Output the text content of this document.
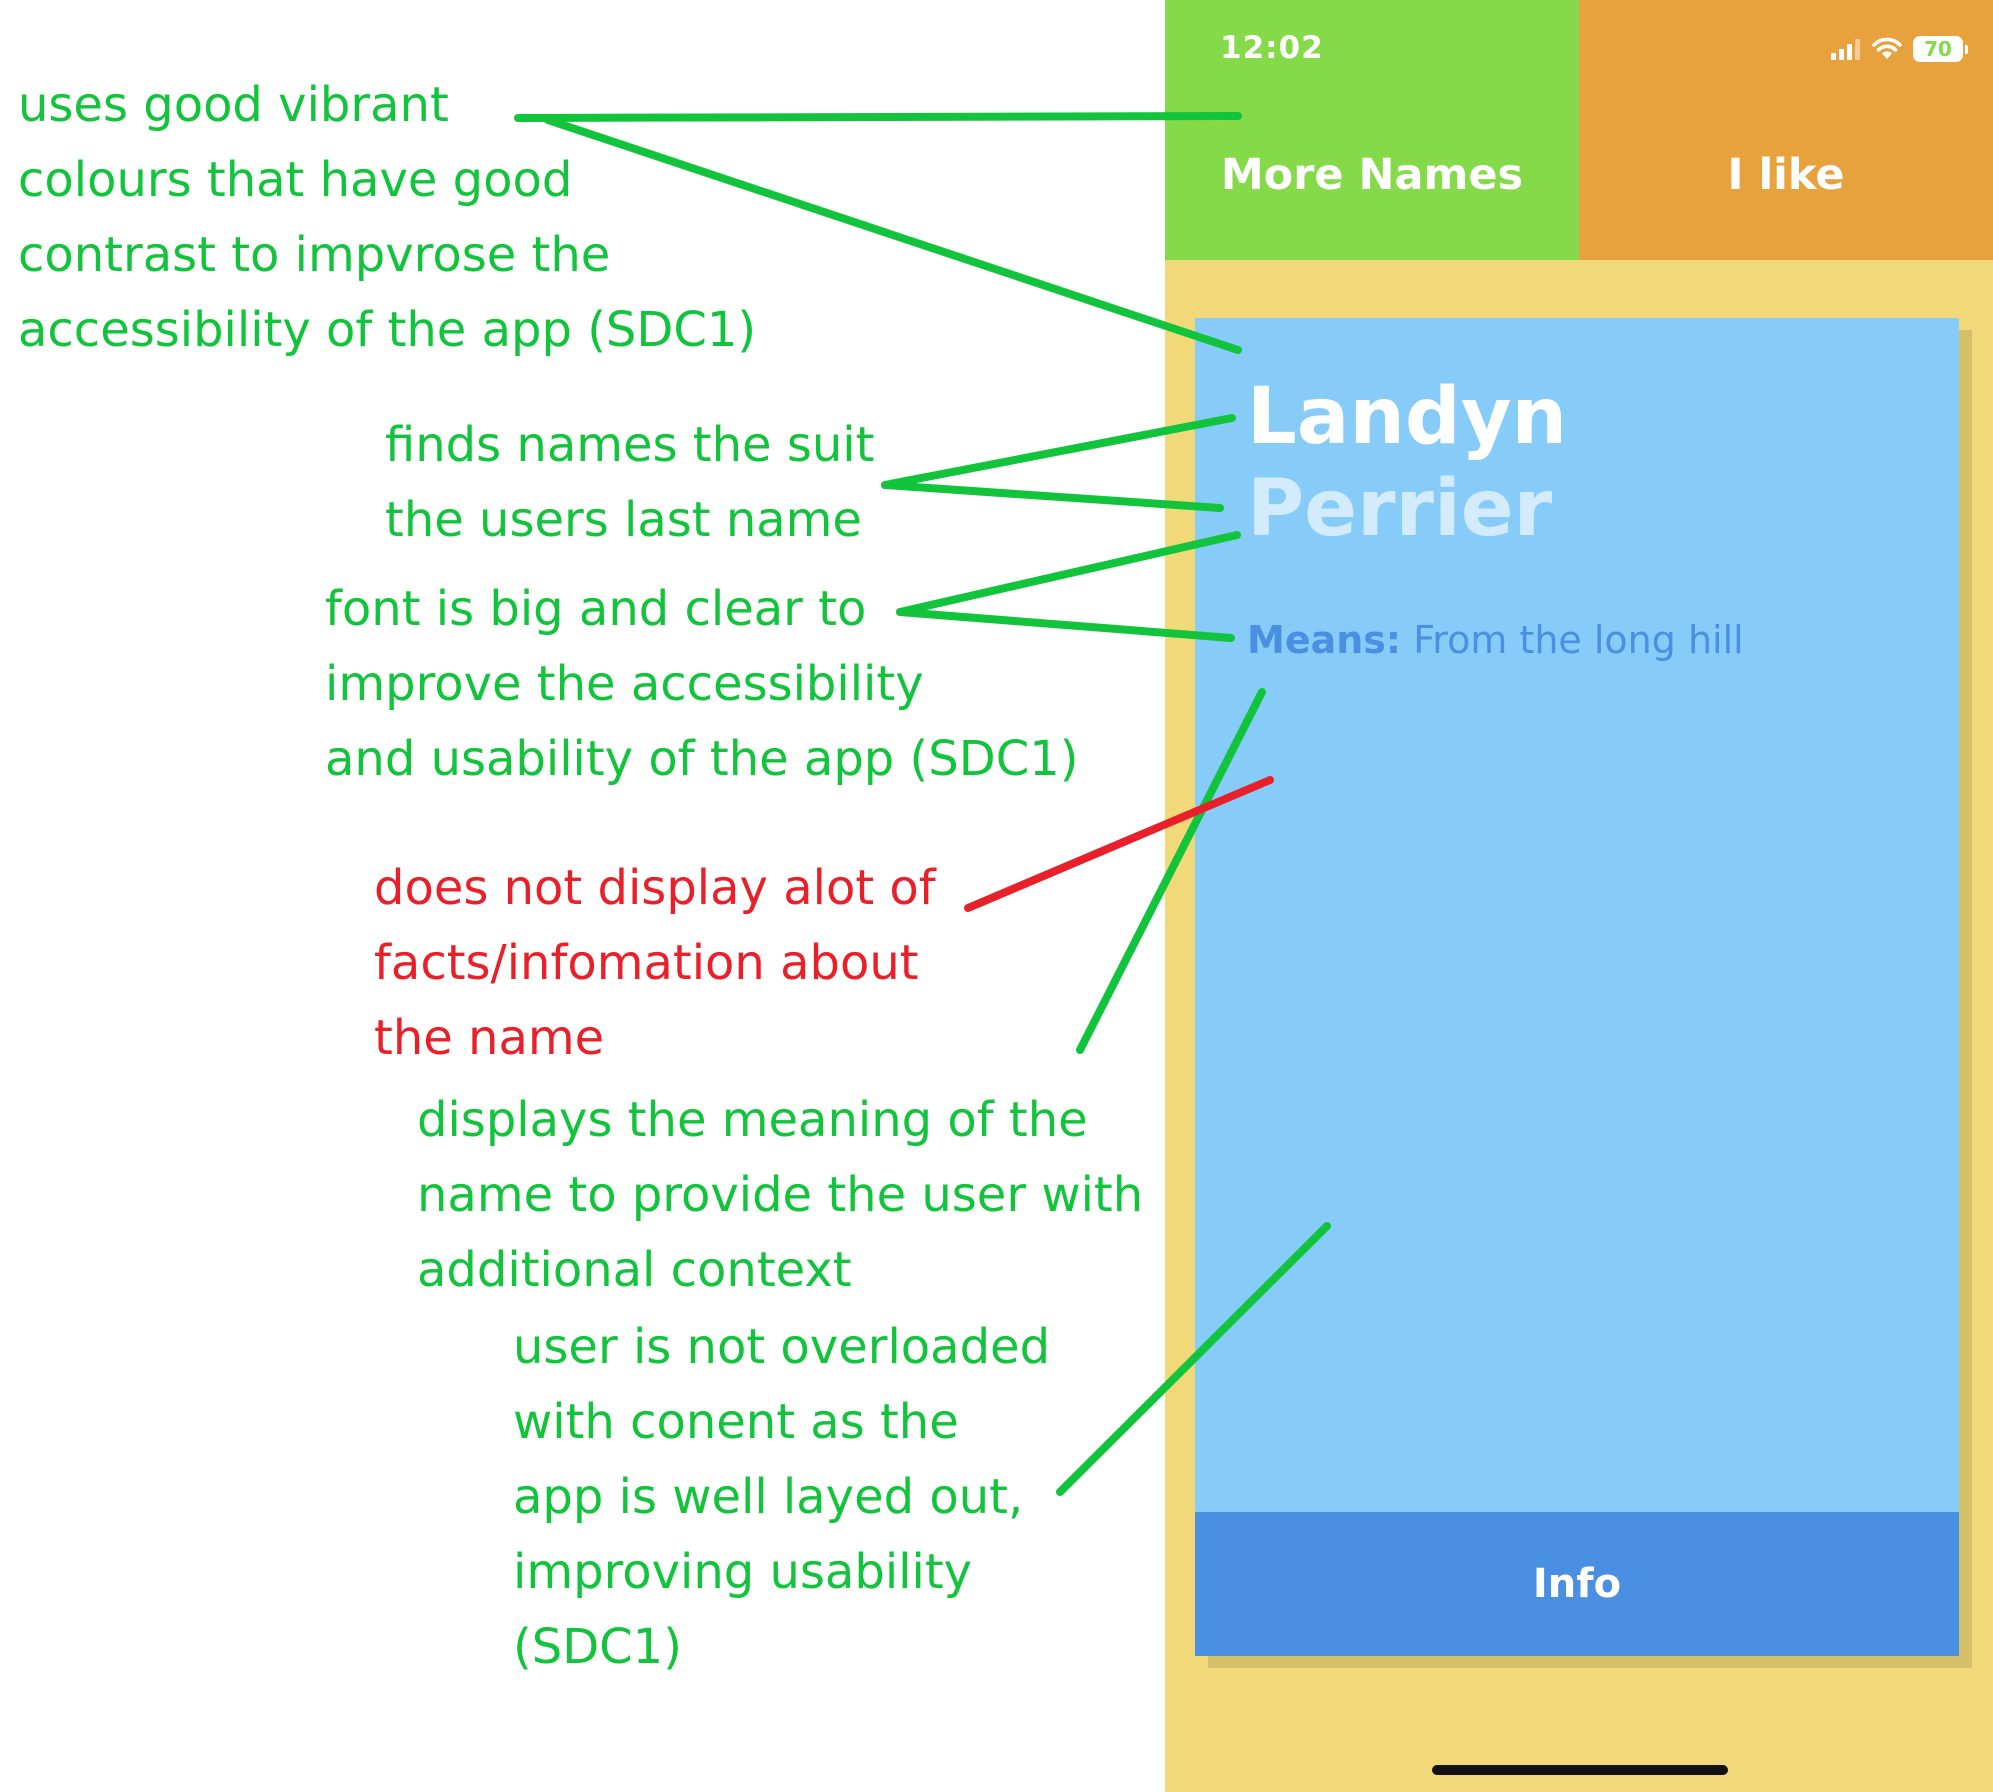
More Names	I like
12:02	70
Landyn
Perrier
Means: From the long hill
Info
uses good vibrant
colours that have good
contrast to impvrose the
accessibility of the app (SDC1)
finds names the suit
the users last name
font is big and clear to
improve the accessibility
and usability of the app (SDC1)
does not display alot of
facts/infomation about
the name
displays the meaning of the
name to provide the user with
additional context
user is not overloaded
with conent as the
app is well layed out,
improving usability
(SDC1)
